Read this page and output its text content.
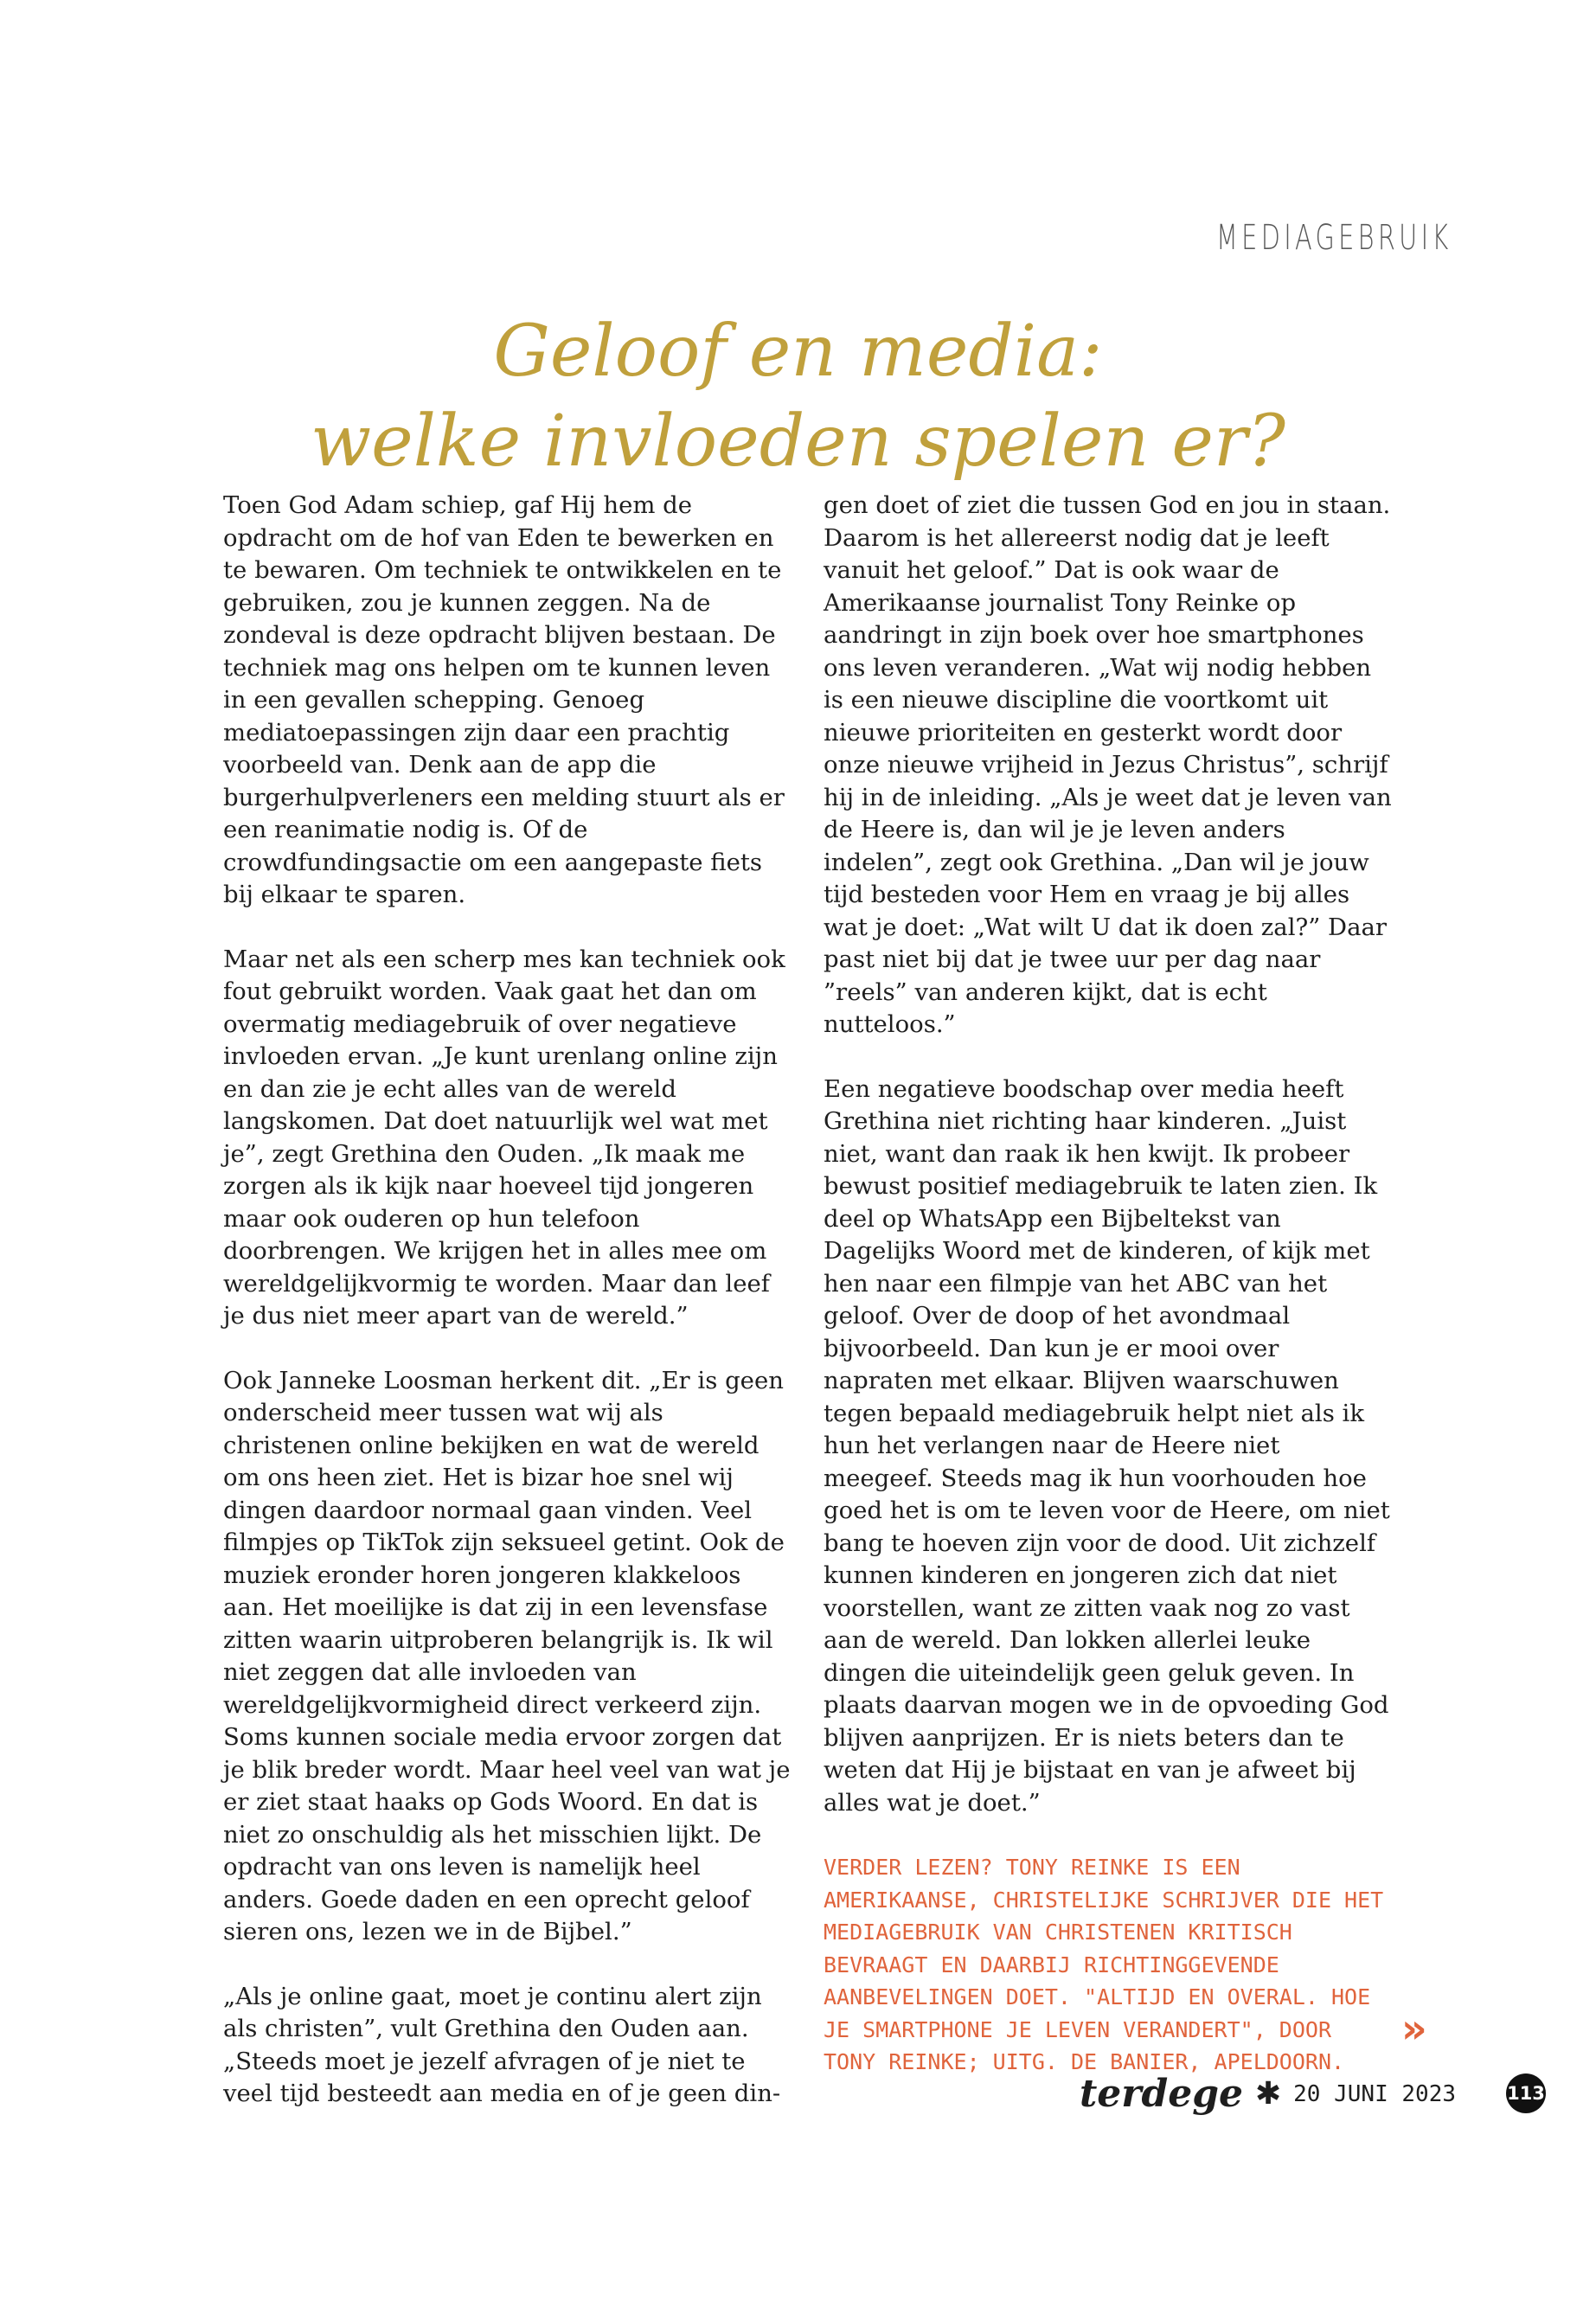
MEDIAGEBRUIK
Geloof en media:
welke invloeden spelen er?

Toen God Adam schiep, gaf Hij hem de opdracht om de hof van Eden te bewerken en te bewaren. Om techniek te ontwikkelen en te gebruiken, zou je kunnen zeggen. Na de zondeval is deze opdracht blijven bestaan. De techniek mag ons helpen om te kunnen leven in een gevallen schepping. Genoeg mediatoepassingen zijn daar een prachtig voorbeeld van. Denk aan de app die burgerhulpverleners een melding stuurt als er een reanimatie nodig is. Of de crowdfundingsactie om een aangepaste fiets bij elkaar te sparen.

Maar net als een scherp mes kan techniek ook fout gebruikt worden. Vaak gaat het dan om overmatig mediagebruik of over negatieve invloeden ervan. „Je kunt urenlang online zijn en dan zie je echt alles van de wereld langskomen. Dat doet natuurlijk wel wat met je”, zegt Grethina den Ouden. „Ik maak me zorgen als ik kijk naar hoeveel tijd jongeren maar ook ouderen op hun telefoon doorbrengen. We krijgen het in alles mee om wereldgelijkvormig te worden. Maar dan leef je dus niet meer apart van de wereld.”

Ook Janneke Loosman herkent dit. „Er is geen onderscheid meer tussen wat wij als christenen online bekijken en wat de wereld om ons heen ziet. Het is bizar hoe snel wij dingen daardoor normaal gaan vinden. Veel filmpjes op TikTok zijn seksueel getint. Ook de muziek eronder horen jongeren klakkeloos aan. Het moeilijke is dat zij in een levensfase zitten waarin uitproberen belangrijk is. Ik wil niet zeggen dat alle invloeden van wereldgelijkvormigheid direct verkeerd zijn. Soms kunnen sociale media ervoor zorgen dat je blik breder wordt. Maar heel veel van wat je er ziet staat haaks op Gods Woord. En dat is niet zo onschuldig als het misschien lijkt. De opdracht van ons leven is namelijk heel anders. Goede daden en een oprecht geloof sieren ons, lezen we in de Bijbel.”

„Als je online gaat, moet je continu alert zijn als christen”, vult Grethina den Ouden aan. „Steeds moet je jezelf afvragen of je niet te veel tijd besteedt aan media en of je geen din-

gen doet of ziet die tussen God en jou in staan. Daarom is het allereerst nodig dat je leeft vanuit het geloof.” Dat is ook waar de Amerikaanse journalist Tony Reinke op aandringt in zijn boek over hoe smartphones ons leven veranderen. „Wat wij nodig hebben is een nieuwe discipline die voortkomt uit nieuwe prioriteiten en gesterkt wordt door onze nieuwe vrijheid in Jezus Christus”, schrijf hij in de inleiding. „Als je weet dat je leven van de Heere is, dan wil je je leven anders indelen”, zegt ook Grethina. „Dan wil je jouw tijd besteden voor Hem en vraag je bij alles wat je doet: „Wat wilt U dat ik doen zal?” Daar past niet bij dat je twee uur per dag naar ”reels” van anderen kijkt, dat is echt nutteloos.”

Een negatieve boodschap over media heeft Grethina niet richting haar kinderen. „Juist niet, want dan raak ik hen kwijt. Ik probeer bewust positief mediagebruik te laten zien. Ik deel op WhatsApp een Bijbeltekst van Dagelijks Woord met de kinderen, of kijk met hen naar een filmpje van het ABC van het geloof. Over de doop of het avondmaal bijvoorbeeld. Dan kun je er mooi over napraten met elkaar. Blijven waarschuwen tegen bepaald mediagebruik helpt niet als ik hun het verlangen naar de Heere niet meegeef. Steeds mag ik hun voorhouden hoe goed het is om te leven voor de Heere, om niet bang te hoeven zijn voor de dood. Uit zichzelf kunnen kinderen en jongeren zich dat niet voorstellen, want ze zitten vaak nog zo vast aan de wereld. Dan lokken allerlei leuke dingen die uiteindelijk geen geluk geven. In plaats daarvan mogen we in de opvoeding God blijven aanprijzen. Er is niets beters dan te weten dat Hij je bijstaat en van je afweet bij alles wat je doet.”

VERDER LEZEN? TONY REINKE IS EEN AMERIKAANSE, CHRISTELIJKE SCHRIJVER DIE HET MEDIAGEBRUIK VAN CHRISTENEN KRITISCH BEVRAAGT EN DAARBIJ RICHTINGGEVENDE AANBEVELINGEN DOET. "ALTIJD EN OVERAL. HOE JE SMARTPHONE JE LEVEN VERANDERT", DOOR TONY REINKE; UITG. DE BANIER, APELDOORN.
»
terdege ✱ 20 JUNI 2023	113
